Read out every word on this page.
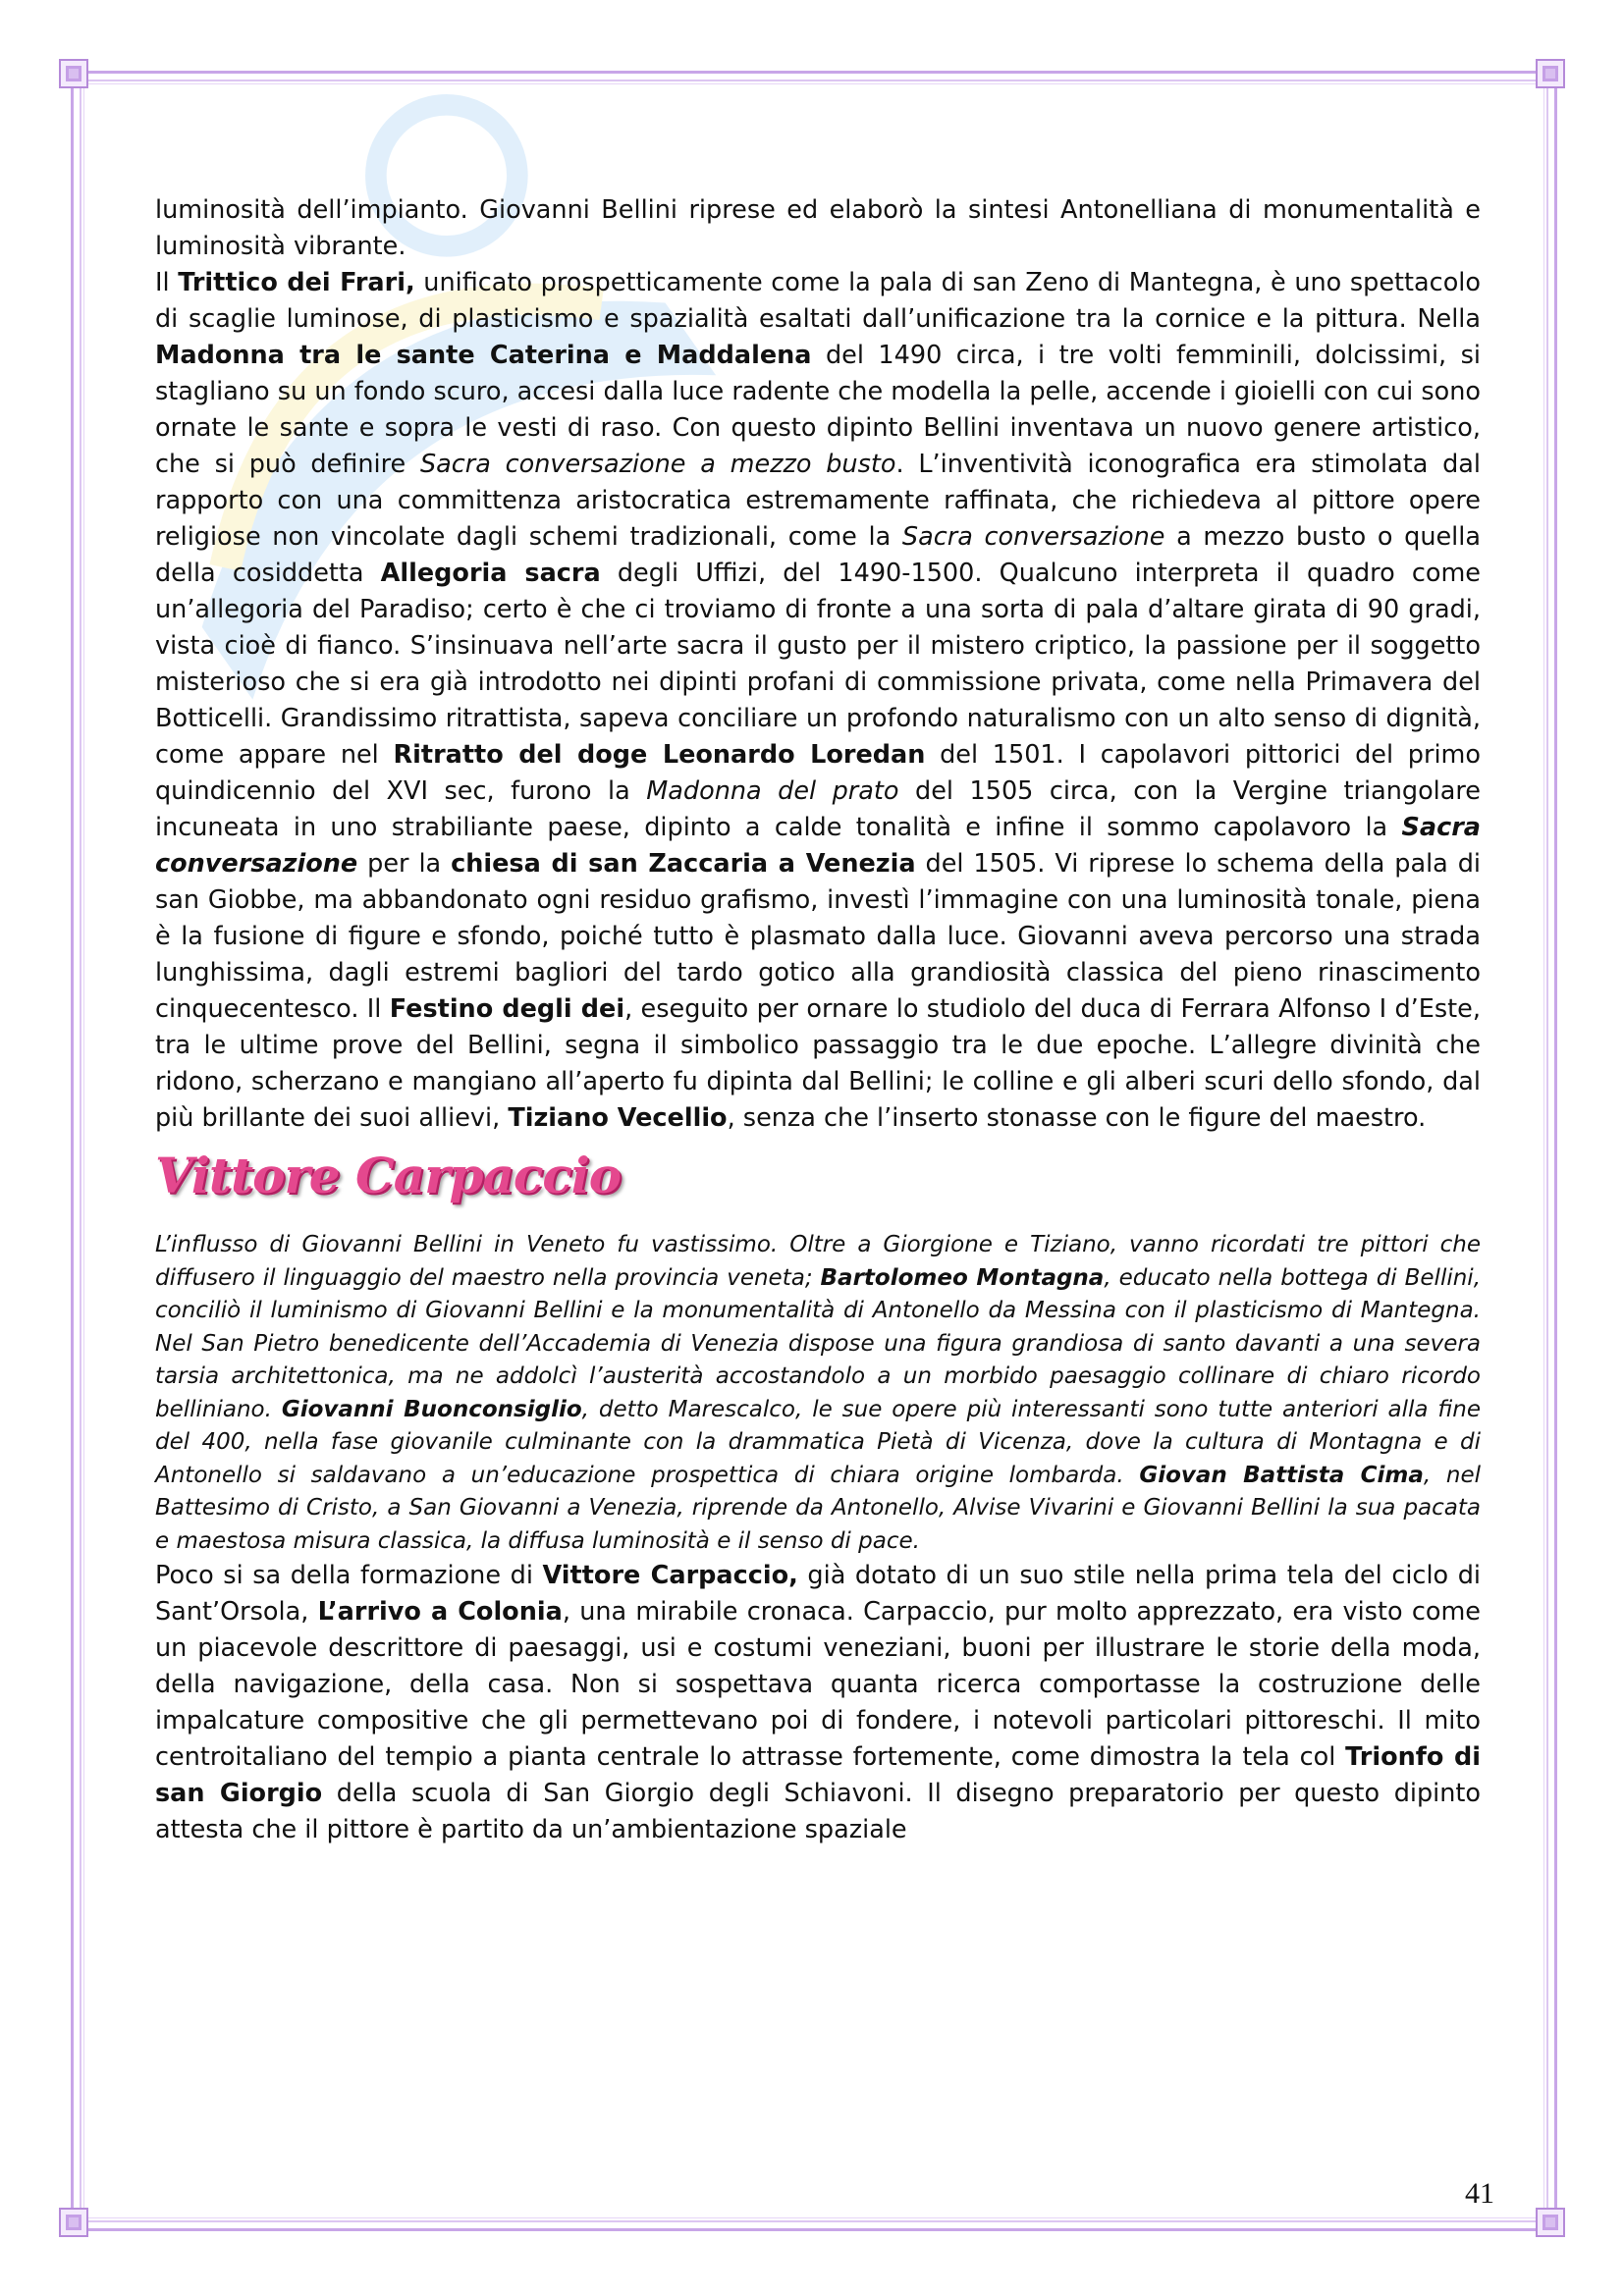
luminosità dell’impianto. Giovanni Bellini riprese ed elaborò la sintesi Antonelliana di monumentalità e luminosità vibrante.

Il Trittico dei Frari, unificato prospetticamente come la pala di san Zeno di Mantegna, è uno spettacolo di scaglie luminose, di plasticismo e spazialità esaltati dall’unificazione tra la cornice e la pittura. Nella Madonna tra le sante Caterina e Maddalena del 1490 circa, i tre volti femminili, dolcissimi, si stagliano su un fondo scuro, accesi dalla luce radente che modella la pelle, accende i gioielli con cui sono ornate le sante e sopra le vesti di raso. Con questo dipinto Bellini inventava un nuovo genere artistico, che si può definire Sacra conversazione a mezzo busto. L’inventività iconografica era stimolata dal rapporto con una committenza aristocratica estremamente raffinata, che richiedeva al pittore opere religiose non vincolate dagli schemi tradizionali, come la Sacra conversazione a mezzo busto o quella della cosiddetta Allegoria sacra degli Uffizi, del 1490-1500. Qualcuno interpreta il quadro come un’allegoria del Paradiso; certo è che ci troviamo di fronte a una sorta di pala d’altare girata di 90 gradi, vista cioè di fianco. S’insinuava nell’arte sacra il gusto per il mistero criptico, la passione per il soggetto misterioso che si era già introdotto nei dipinti profani di commissione privata, come nella Primavera del Botticelli. Grandissimo ritrattista, sapeva conciliare un profondo naturalismo con un alto senso di dignità, come appare nel Ritratto del doge Leonardo Loredan del 1501. I capolavori pittorici del primo quindicennio del XVI sec, furono la Madonna del prato del 1505 circa, con la Vergine triangolare incuneata in uno strabiliante paese, dipinto a calde tonalità e infine il sommo capolavoro la Sacra conversazione per la chiesa di san Zaccaria a Venezia del 1505. Vi riprese lo schema della pala di san Giobbe, ma abbandonato ogni residuo grafismo, investì l’immagine con una luminosità tonale, piena è la fusione di figure e sfondo, poiché tutto è plasmato dalla luce. Giovanni aveva percorso una strada lunghissima, dagli estremi bagliori del tardo gotico alla grandiosità classica del pieno rinascimento cinquecentesco. Il Festino degli dei, eseguito per ornare lo studiolo del duca di Ferrara Alfonso I d’Este, tra le ultime prove del Bellini, segna il simbolico passaggio tra le due epoche. L’allegre divinità che ridono, scherzano e mangiano all’aperto fu dipinta dal Bellini; le colline e gli alberi scuri dello sfondo, dal più brillante dei suoi allievi, Tiziano Vecellio, senza che l’inserto stonasse con le figure del maestro.

Vittore Carpaccio

L’influsso di Giovanni Bellini in Veneto fu vastissimo. Oltre a Giorgione e Tiziano, vanno ricordati tre pittori che diffusero il linguaggio del maestro nella provincia veneta; Bartolomeo Montagna, educato nella bottega di Bellini, conciliò il luminismo di Giovanni Bellini e la monumentalità di Antonello da Messina con il plasticismo di Mantegna. Nel San Pietro benedicente dell’Accademia di Venezia dispose una figura grandiosa di santo davanti a una severa tarsia architettonica, ma ne addolcì l’austerità accostandolo a un morbido paesaggio collinare di chiaro ricordo belliniano. Giovanni Buonconsiglio, detto Marescalco, le sue opere più interessanti sono tutte anteriori alla fine del 400, nella fase giovanile culminante con la drammatica Pietà di Vicenza, dove la cultura di Montagna e di Antonello si saldavano a un’educazione prospettica di chiara origine lombarda. Giovan Battista Cima, nel Battesimo di Cristo, a San Giovanni a Venezia, riprende da Antonello, Alvise Vivarini e Giovanni Bellini la sua pacata e maestosa misura classica, la diffusa luminosità e il senso di pace.

Poco si sa della formazione di Vittore Carpaccio, già dotato di un suo stile nella prima tela del ciclo di Sant’Orsola, L’arrivo a Colonia, una mirabile cronaca. Carpaccio, pur molto apprezzato, era visto come un piacevole descrittore di paesaggi, usi e costumi veneziani, buoni per illustrare le storie della moda, della navigazione, della casa. Non si sospettava quanta ricerca comportasse la costruzione delle impalcature compositive che gli permettevano poi di fondere, i notevoli particolari pittoreschi. Il mito centroitaliano del tempio a pianta centrale lo attrasse fortemente, come dimostra la tela col Trionfo di san Giorgio della scuola di San Giorgio degli Schiavoni. Il disegno preparatorio per questo dipinto attesta che il pittore è partito da un’ambientazione spaziale

41
